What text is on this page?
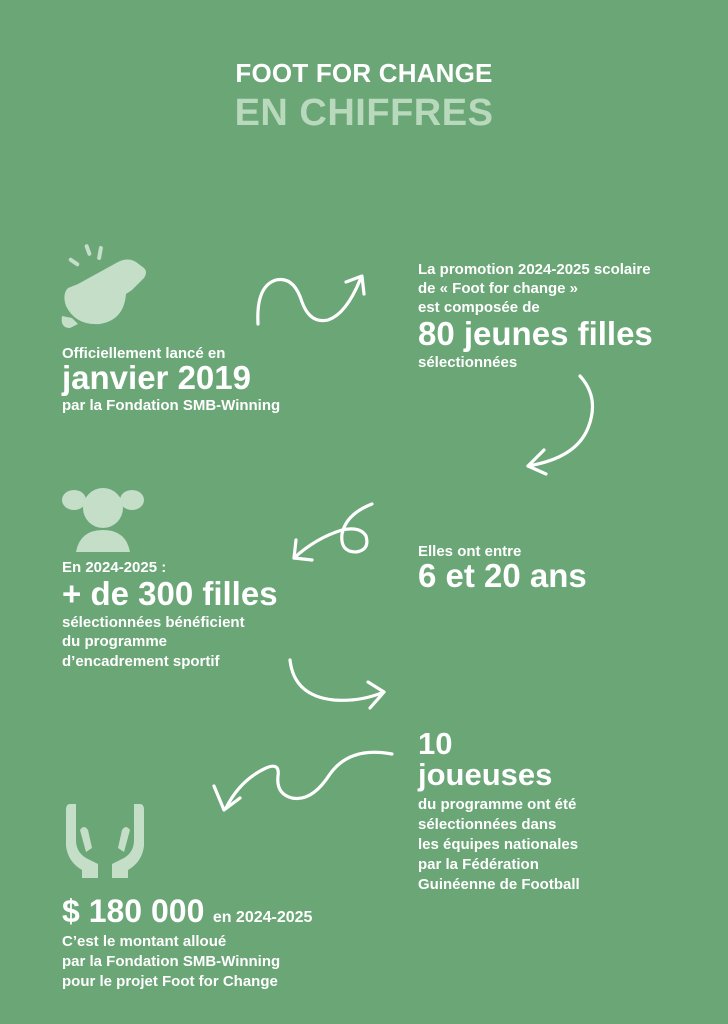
FOOT FOR CHANGE
EN CHIFFRES
Officiellement lancé en
janvier 2019
par la Fondation SMB-Winning
La promotion 2024-2025 scolaire
de « Foot for change »
est composée de
80 jeunes filles
sélectionnées
En 2024-2025 :
+ de 300 filles
sélectionnées bénéficient
du programme
d’encadrement sportif
Elles ont entre
6 et 20 ans
10
joueuses
du programme ont été
sélectionnées dans
les équipes nationales
par la Fédération
Guinéenne de Football
$ 180 000 en 2024-2025
C’est le montant alloué
par la Fondation SMB-Winning
pour le projet Foot for Change
